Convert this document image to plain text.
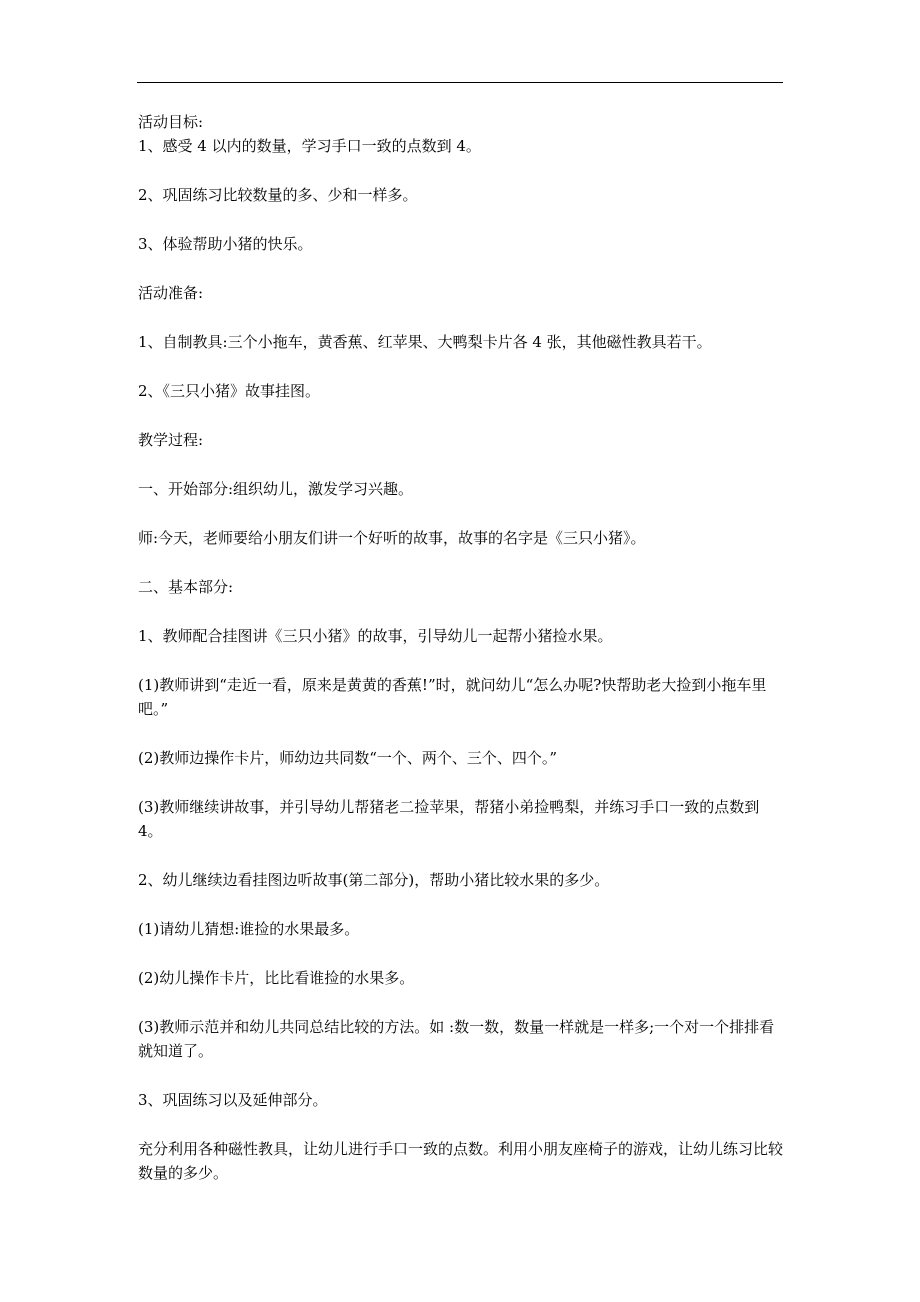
活动目标:

1、感受 4 以内的数量，学习手口一致的点数到 4。

2、巩固练习比较数量的多、少和一样多。

3、体验帮助小猪的快乐。

活动准备:

1、自制教具:三个小拖车，黄香蕉、红苹果、大鸭梨卡片各 4 张，其他磁性教具若干。

2、《三只小猪》故事挂图。

教学过程:

一、开始部分:组织幼儿，激发学习兴趣。

师:今天，老师要给小朋友们讲一个好听的故事，故事的名字是《三只小猪》。

二、基本部分:

1、教师配合挂图讲《三只小猪》的故事，引导幼儿一起帮小猪捡水果。

(1)教师讲到“走近一看，原来是黄黄的香蕉!”时，就问幼儿“怎么办呢?快帮助老大捡到小拖车里吧。”

(2)教师边操作卡片，师幼边共同数“一个、两个、三个、四个。”

(3)教师继续讲故事，并引导幼儿帮猪老二捡苹果，帮猪小弟捡鸭梨，并练习手口一致的点数到 4。

2、幼儿继续边看挂图边听故事(第二部分)，帮助小猪比较水果的多少。

(1)请幼儿猜想:谁捡的水果最多。

(2)幼儿操作卡片，比比看谁捡的水果多。

(3)教师示范并和幼儿共同总结比较的方法。如 :数一数，数量一样就是一样多;一个对一个排排看就知道了。

3、巩固练习以及延伸部分。

充分利用各种磁性教具，让幼儿进行手口一致的点数。利用小朋友座椅子的游戏，让幼儿练习比较数量的多少。
